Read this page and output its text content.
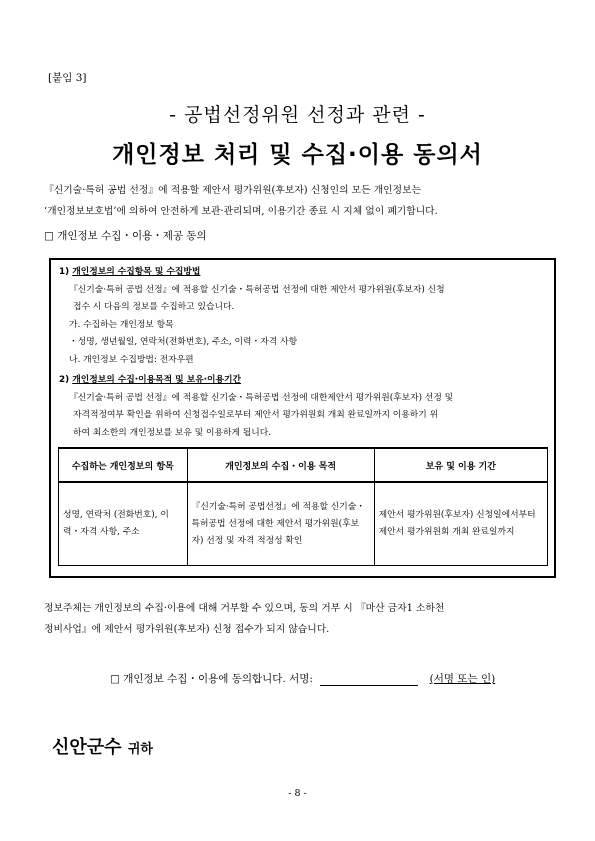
[붙임 3]
- 공법선정위원 선정과 관련 -
개인정보 처리 및 수집·이용 동의서
『신기술·특허 공법 선정』에 적용할 제안서 평가위원(후보자) 신청인의 모든 개인정보는
‘개인정보보호법’에 의하여 안전하게 보관·관리되며, 이용기간 종료 시 지체 없이 폐기합니다.
□ 개인정보 수집・이용・제공 동의
1) 개인정보의 수집항목 및 수집방법
『신기술·특허 공법 선정』에 적용할 신기술・특허공법 선정에 대한 제안서 평가위원(후보자) 신청
접수 시 다음의 정보를 수집하고 있습니다.
가. 수집하는 개인정보 항목
・성명, 생년월일, 연락처(전화번호), 주소, 이력・자격 사항
나. 개인정보 수집방법: 전자우편
2) 개인정보의 수집·이용목적 및 보유·이용기간
『신기술·특허 공법 선정』에 적용할 신기술・특허공법 선정에 대한제안서 평가위원(후보자) 선정 및
자격적정여부 확인을 위하여 신청접수일로부터 제안서 평가위원회 개최 완료일까지 이용하기 위
하여 최소한의 개인정보를 보유 및 이용하게 됩니다.
수집하는 개인정보의 항목	개인정보의 수집・이용 목적	보유 및 이용 기간
성명, 연락처 (전화번호), 이력・자격 사항, 주소	『신기술·특허 공법선정』에 적용할 신기술・특허공법 선정에 대한 제안서 평가위원(후보자) 선정 및 자격 적정성 확인	제안서 평가위원(후보자) 신청일에서부터 제안서 평가위원회 개최 완료일까지
정보주체는 개인정보의 수집·이용에 대해 거부할 수 있으며, 동의 거부 시 『마산 금자1 소하천
정비사업』에 제안서 평가위원(후보자) 신청 접수가 되지 않습니다.
□ 개인정보 수집・이용에 동의합니다. 서명:	(서명 또는 인)
신안군수 귀하
- 8 -
